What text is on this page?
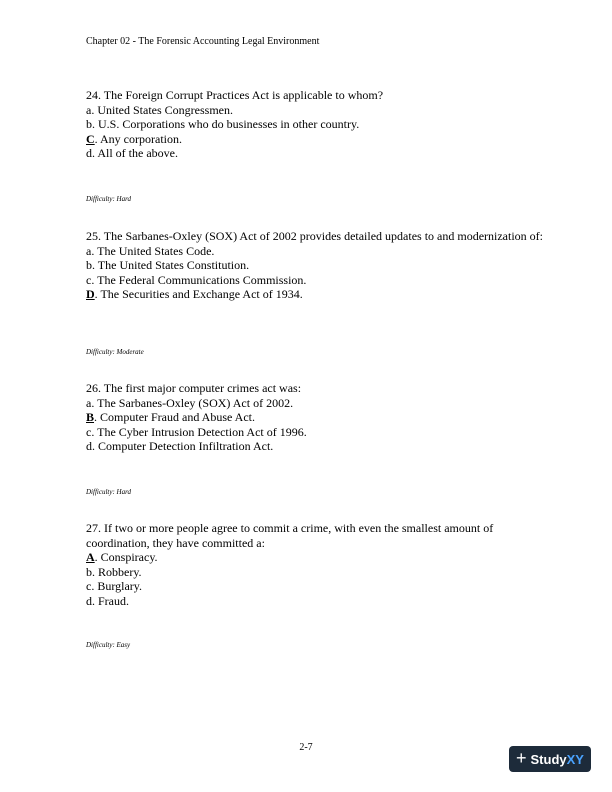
Chapter 02 - The Forensic Accounting Legal Environment
24. The Foreign Corrupt Practices Act is applicable to whom?
a. United States Congressmen.
b. U.S. Corporations who do businesses in other country.
C. Any corporation.
d. All of the above.
Difficulty: Hard
25. The Sarbanes-Oxley (SOX) Act of 2002 provides detailed updates to and modernization of:
a. The United States Code.
b. The United States Constitution.
c. The Federal Communications Commission.
D. The Securities and Exchange Act of 1934.
Difficulty: Moderate
26. The first major computer crimes act was:
a. The Sarbanes-Oxley (SOX) Act of 2002.
B. Computer Fraud and Abuse Act.
c. The Cyber Intrusion Detection Act of 1996.
d. Computer Detection Infiltration Act.
Difficulty: Hard
27. If two or more people agree to commit a crime, with even the smallest amount of coordination, they have committed a:
A. Conspiracy.
b. Robbery.
c. Burglary.
d. Fraud.
Difficulty: Easy
2-7
+ StudyXY
